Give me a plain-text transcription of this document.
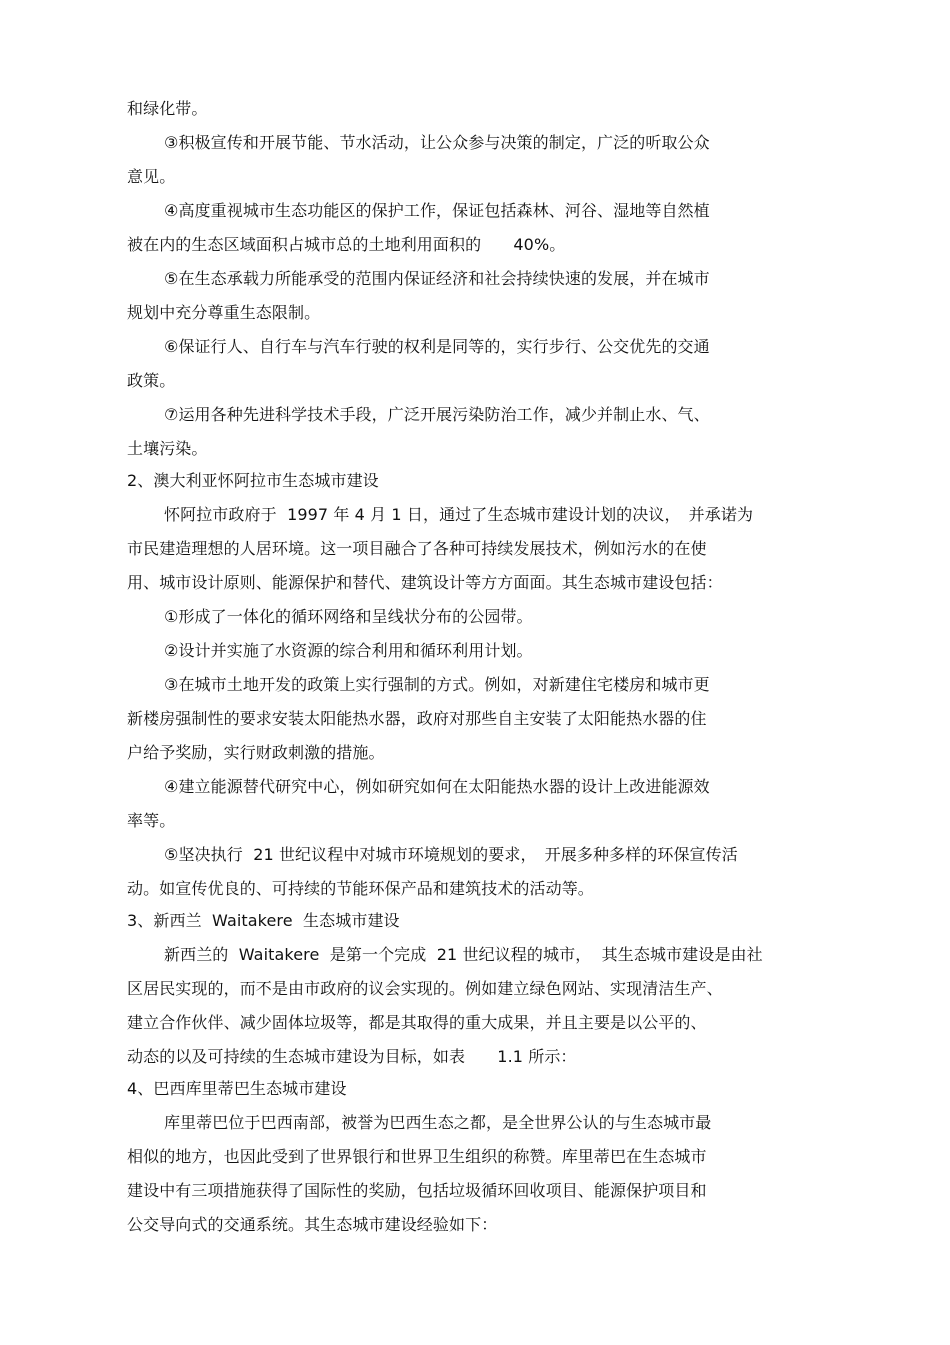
和绿化带。
③积极宣传和开展节能、节水活动，让公众参与决策的制定，广泛的听取公众
意见。
④高度重视城市生态功能区的保护工作，保证包括森林、河谷、湿地等自然植
被在内的生态区域面积占城市总的土地利用面积的　　40%。
⑤在生态承载力所能承受的范围内保证经济和社会持续快速的发展，并在城市
规划中充分尊重生态限制。
⑥保证行人、自行车与汽车行驶的权利是同等的，实行步行、公交优先的交通
政策。
⑦运用各种先进科学技术手段，广泛开展污染防治工作，减少并制止水、气、
土壤污染。
2、澳大利亚怀阿拉市生态城市建设
怀阿拉市政府于  1997 年 4 月 1 日，通过了生态城市建设计划的决议，　并承诺为
市民建造理想的人居环境。这一项目融合了各种可持续发展技术，例如污水的在使
用、城市设计原则、能源保护和替代、建筑设计等方方面面。其生态城市建设包括：
①形成了一体化的循环网络和呈线状分布的公园带。
②设计并实施了水资源的综合利用和循环利用计划。
③在城市土地开发的政策上实行强制的方式。例如，对新建住宅楼房和城市更
新楼房强制性的要求安装太阳能热水器，政府对那些自主安装了太阳能热水器的住
户给予奖励，实行财政刺激的措施。
④建立能源替代研究中心，例如研究如何在太阳能热水器的设计上改进能源效
率等。
⑤坚决执行  21 世纪议程中对城市环境规划的要求，　开展多种多样的环保宣传活
动。如宣传优良的、可持续的节能环保产品和建筑技术的活动等。
3、新西兰  Waitakere  生态城市建设
新西兰的  Waitakere  是第一个完成  21 世纪议程的城市，  其生态城市建设是由社
区居民实现的，而不是由市政府的议会实现的。例如建立绿色网站、实现清洁生产、
建立合作伙伴、减少固体垃圾等，都是其取得的重大成果，并且主要是以公平的、
动态的以及可持续的生态城市建设为目标，如表　　1.1 所示：
4、巴西库里蒂巴生态城市建设
库里蒂巴位于巴西南部，被誉为巴西生态之都，是全世界公认的与生态城市最
相似的地方，也因此受到了世界银行和世界卫生组织的称赞。库里蒂巴在生态城市
建设中有三项措施获得了国际性的奖励，包括垃圾循环回收项目、能源保护项目和
公交导向式的交通系统。其生态城市建设经验如下：
